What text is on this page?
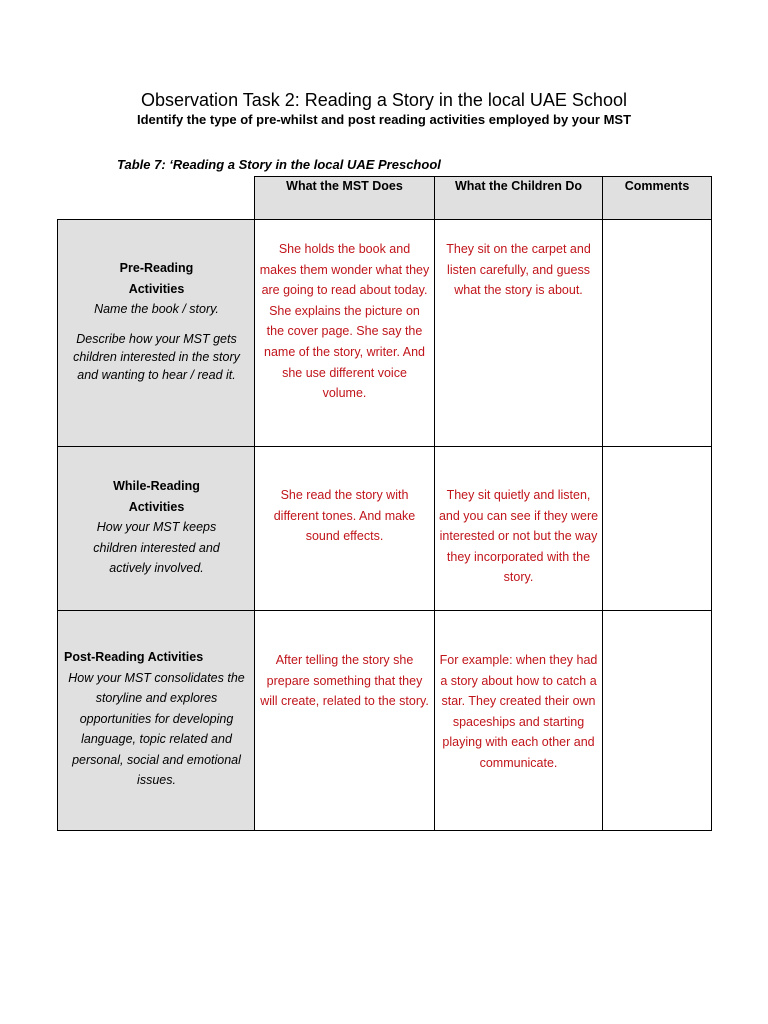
Observation Task 2: Reading a Story in the local UAE School
Identify the type of pre-whilst and post reading activities employed by your MST
Table 7: ‘Reading a Story in the local UAE Preschool
What the MST Does	What the Children Do	Comments
Pre-Reading
Activities
Name the book / story.
Describe how your MST gets children interested in the story and wanting to hear / read it.
She holds the book and makes them wonder what they are going to read about today. She explains the picture on the cover page. She say the name of the story, writer. And she use different voice volume.
They sit on the carpet and listen carefully, and guess what the story is about.
While-Reading
Activities
How your MST keeps children interested and actively involved.
She read the story with different tones. And make sound effects.
They sit quietly and listen, and you can see if they were interested or not but the way they incorporated with the story.
Post-Reading Activities
How your MST consolidates the storyline and explores opportunities for developing language, topic related and personal, social and emotional issues.
After telling the story she prepare something that they will create, related to the story.
For example: when they had a story about how to catch a star. They created their own spaceships and starting playing with each other and communicate.
